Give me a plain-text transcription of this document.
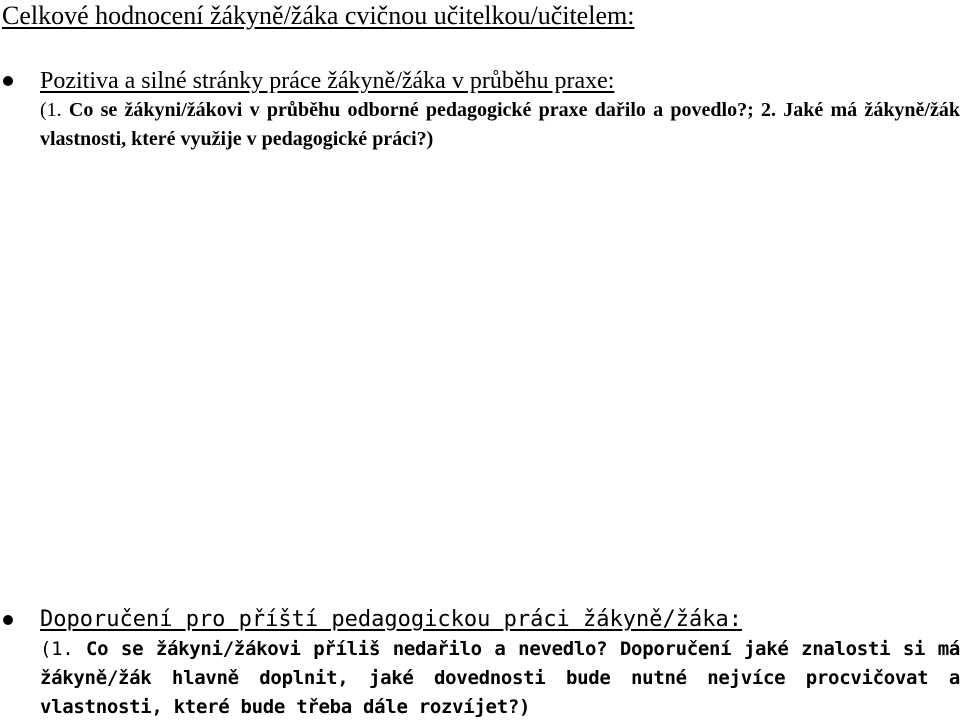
Celkové hodnocení žákyně/žáka cvičnou učitelkou/učitelem:
Pozitiva a silné stránky práce žákyně/žáka v průběhu praxe:
(1. Co se žákyni/žákovi v průběhu odborné pedagogické praxe dařilo a povedlo?; 2. Jaké má žákyně/žák vlastnosti, které využije v pedagogické práci?)
Doporučení pro příští pedagogickou práci žákyně/žáka:
(1. Co se žákyni/žákovi příliš nedařilo a nevedlo? Doporučení jaké znalosti si má žákyně/žák hlavně doplnit, jaké dovednosti bude nutné nejvíce procvičovat a vlastnosti, které bude třeba dále rozvíjet?)
